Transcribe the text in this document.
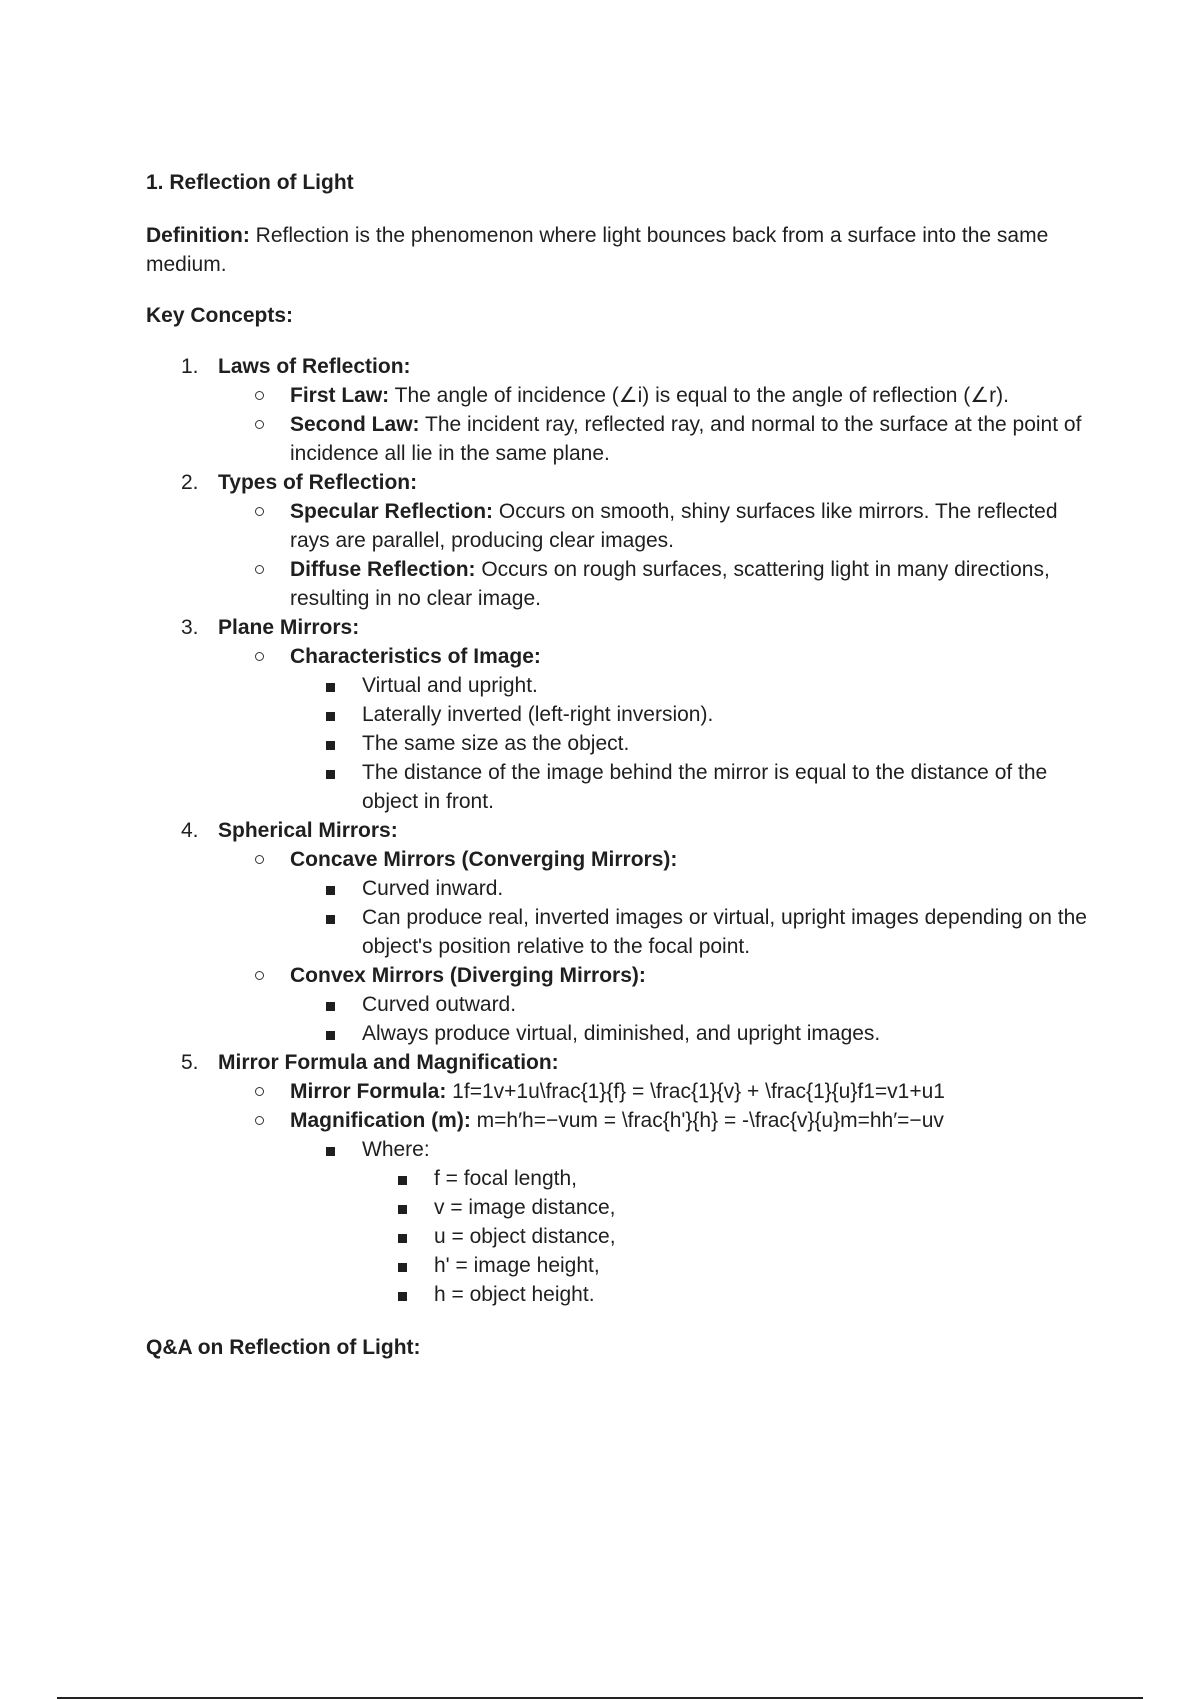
1. Reflection of Light

Definition: Reflection is the phenomenon where light bounces back from a surface into the same medium.

Key Concepts:

1. Laws of Reflection:
First Law: The angle of incidence (∠i) is equal to the angle of reflection (∠r).
Second Law: The incident ray, reflected ray, and normal to the surface at the point of incidence all lie in the same plane.
2. Types of Reflection:
Specular Reflection: Occurs on smooth, shiny surfaces like mirrors. The reflected rays are parallel, producing clear images.
Diffuse Reflection: Occurs on rough surfaces, scattering light in many directions, resulting in no clear image.
3. Plane Mirrors:
Characteristics of Image:
Virtual and upright.
Laterally inverted (left-right inversion).
The same size as the object.
The distance of the image behind the mirror is equal to the distance of the object in front.
4. Spherical Mirrors:
Concave Mirrors (Converging Mirrors):
Curved inward.
Can produce real, inverted images or virtual, upright images depending on the object's position relative to the focal point.
Convex Mirrors (Diverging Mirrors):
Curved outward.
Always produce virtual, diminished, and upright images.
5. Mirror Formula and Magnification:
Mirror Formula: 1f=1v+1u\frac{1}{f} = \frac{1}{v} + \frac{1}{u}f1=v1+u1
Magnification (m): m=h′h=−vum = \frac{h'}{h} = -\frac{v}{u}m=hh′=−uv
Where:
f = focal length,
v = image distance,
u = object distance,
h' = image height,
h = object height.

Q&A on Reflection of Light:
